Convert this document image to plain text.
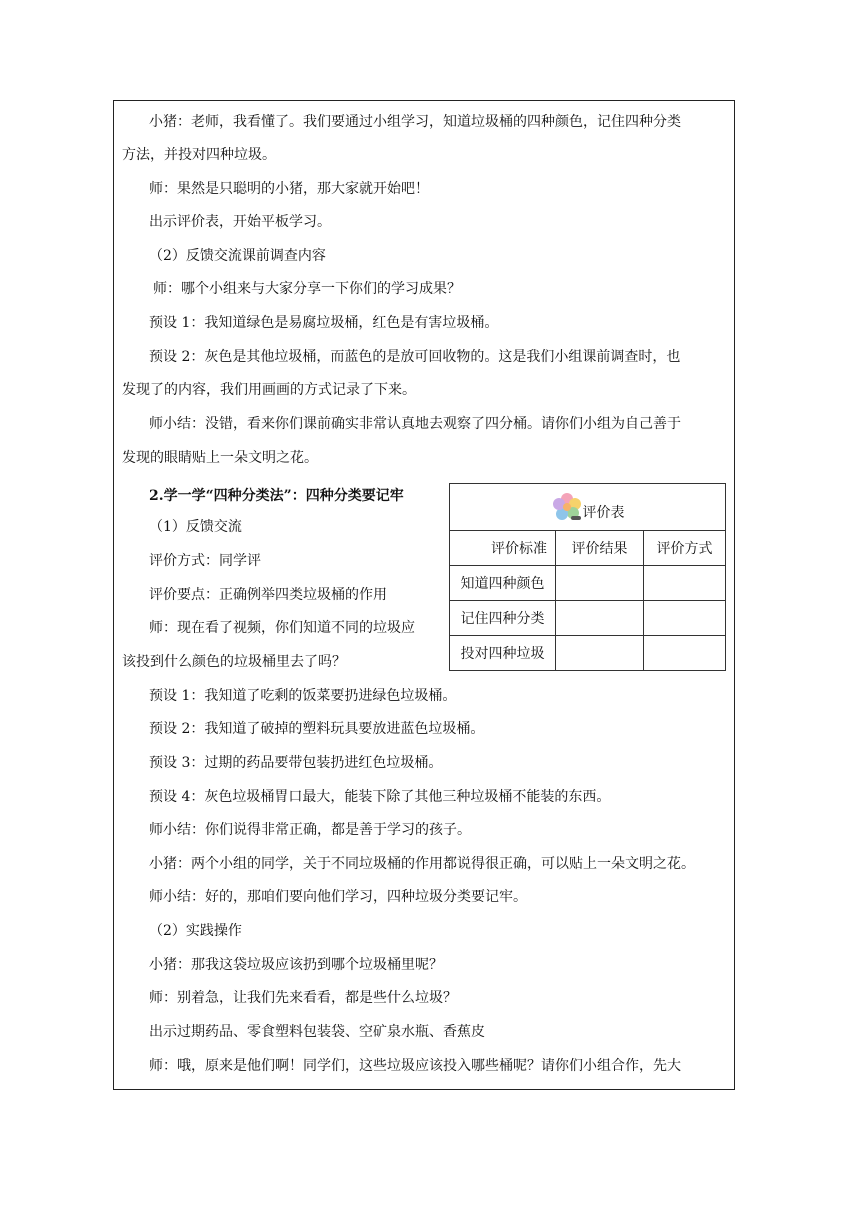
小猪：老师，我看懂了。我们要通过小组学习，知道垃圾桶的四种颜色，记住四种分类
方法，并投对四种垃圾。
师：果然是只聪明的小猪，那大家就开始吧！
出示评价表，开始平板学习。
（2）反馈交流课前调查内容
师：哪个小组来与大家分享一下你们的学习成果？
预设 1：我知道绿色是易腐垃圾桶，红色是有害垃圾桶。
预设 2：灰色是其他垃圾桶，而蓝色的是放可回收物的。这是我们小组课前调查时，也
发现了的内容，我们用画画的方式记录了下来。
师小结：没错，看来你们课前确实非常认真地去观察了四分桶。请你们小组为自己善于
发现的眼睛贴上一朵文明之花。
2.学一学“四种分类法”：四种分类要记牢
（1）反馈交流
评价方式：同学评
评价要点：正确例举四类垃圾桶的作用
师：现在看了视频，你们知道不同的垃圾应
该投到什么颜色的垃圾桶里去了吗？
预设 1：我知道了吃剩的饭菜要扔进绿色垃圾桶。
预设 2：我知道了破掉的塑料玩具要放进蓝色垃圾桶。
预设 3：过期的药品要带包装扔进红色垃圾桶。
预设 4：灰色垃圾桶胃口最大，能装下除了其他三种垃圾桶不能装的东西。
师小结：你们说得非常正确，都是善于学习的孩子。
小猪：两个小组的同学，关于不同垃圾桶的作用都说得很正确，可以贴上一朵文明之花。
师小结：好的，那咱们要向他们学习，四种垃圾分类要记牢。
（2）实践操作
小猪：那我这袋垃圾应该扔到哪个垃圾桶里呢？
师：别着急，让我们先来看看，都是些什么垃圾？
出示过期药品、零食塑料包装袋、空矿泉水瓶、香蕉皮
师：哦，原来是他们啊！同学们，这些垃圾应该投入哪些桶呢？请你们小组合作，先大
评价表		
评价标准	评价结果	评价方式
知道四种颜色		
记住四种分类		
投对四种垃圾		
